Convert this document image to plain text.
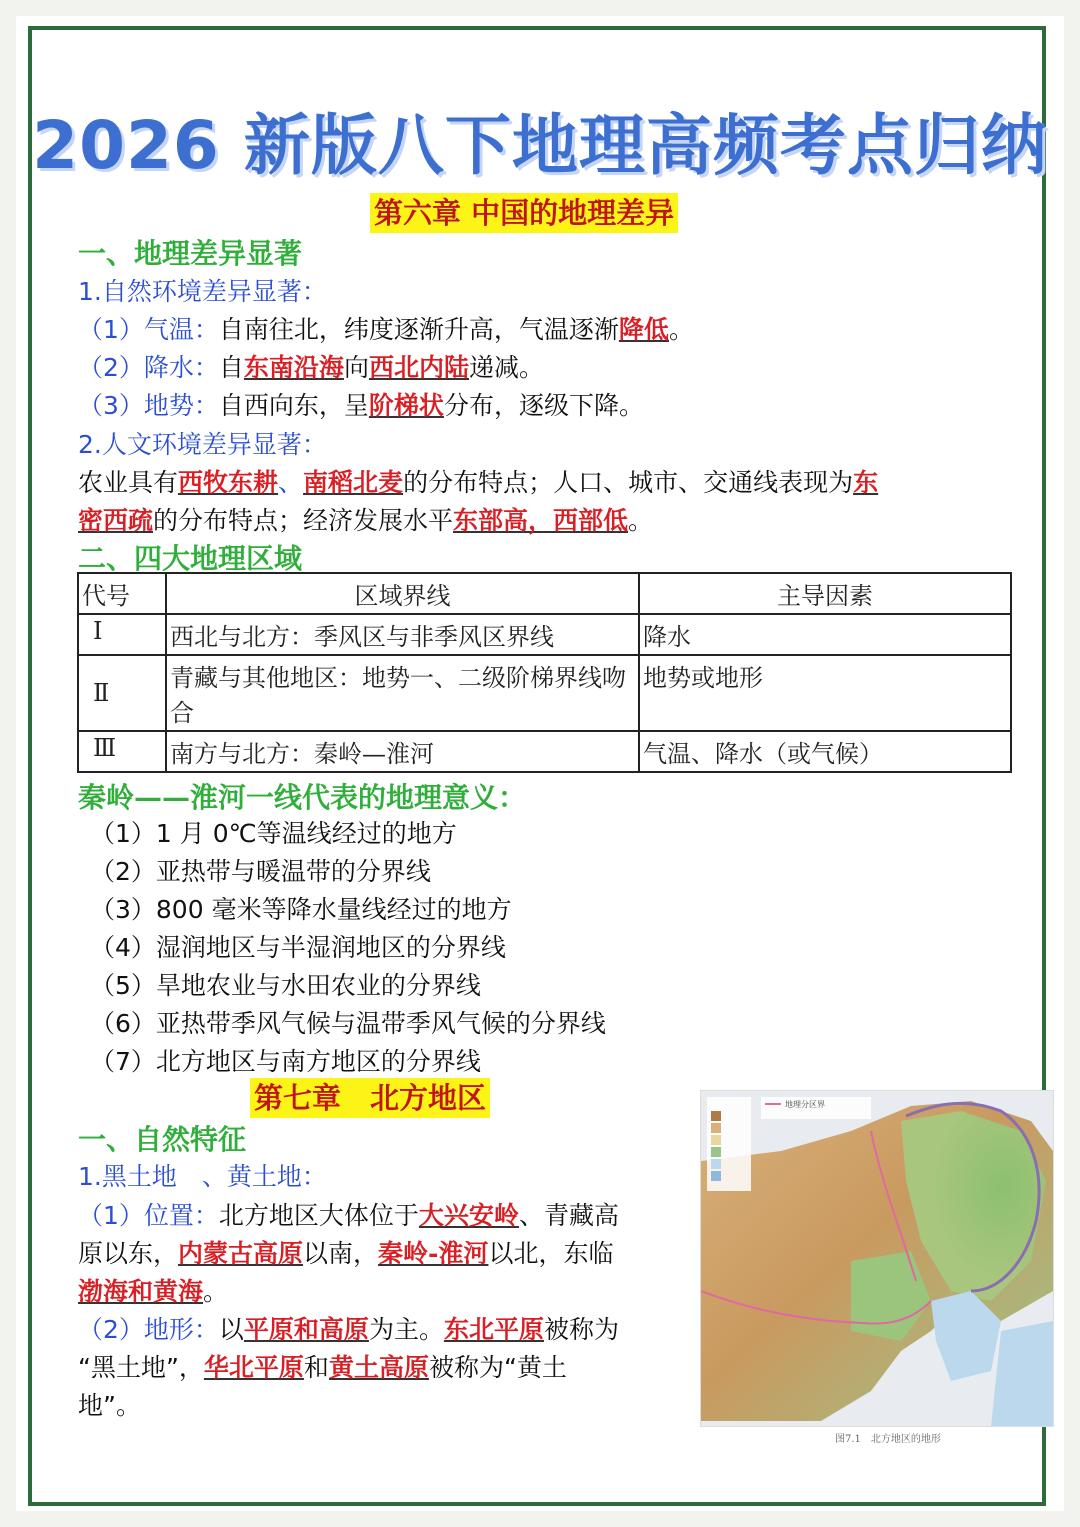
2026 新版八下地理高频考点归纳
第六章 中国的地理差异
一、地理差异显著
1.自然环境差异显著：
（1）气温：自南往北，纬度逐渐升高，气温逐渐降低。
（2）降水：自东南沿海向西北内陆递减。
（3）地势：自西向东，呈阶梯状分布，逐级下降。
2.人文环境差异显著：
农业具有西牧东耕、南稻北麦的分布特点；人口、城市、交通线表现为东
密西疏的分布特点；经济发展水平东部高，西部低。
二、四大地理区域
代号	区域界线	主导因素
Ⅰ	西北与北方：季风区与非季风区界线	降水
Ⅱ	青藏与其他地区：地势一、二级阶梯界线吻合	地势或地形
Ⅲ	南方与北方：秦岭—淮河	气温、降水（或气候）
秦岭——淮河一线代表的地理意义：
（1）1 月 0℃等温线经过的地方
（2）亚热带与暖温带的分界线
（3）800 毫米等降水量线经过的地方
（4）湿润地区与半湿润地区的分界线
（5）旱地农业与水田农业的分界线
（6）亚热带季风气候与温带季风气候的分界线
（7）北方地区与南方地区的分界线
第七章　北方地区
一、自然特征
1.黑土地　、黄土地：
（1）位置：北方地区大体位于大兴安岭、青藏高
原以东，内蒙古高原以南，秦岭-淮河以北，东临
渤海和黄海。
（2）地形：以平原和高原为主。东北平原被称为
“黑土地”，华北平原和黄土高原被称为“黄土
地”。
地理分区界
图7.1　北方地区的地形
